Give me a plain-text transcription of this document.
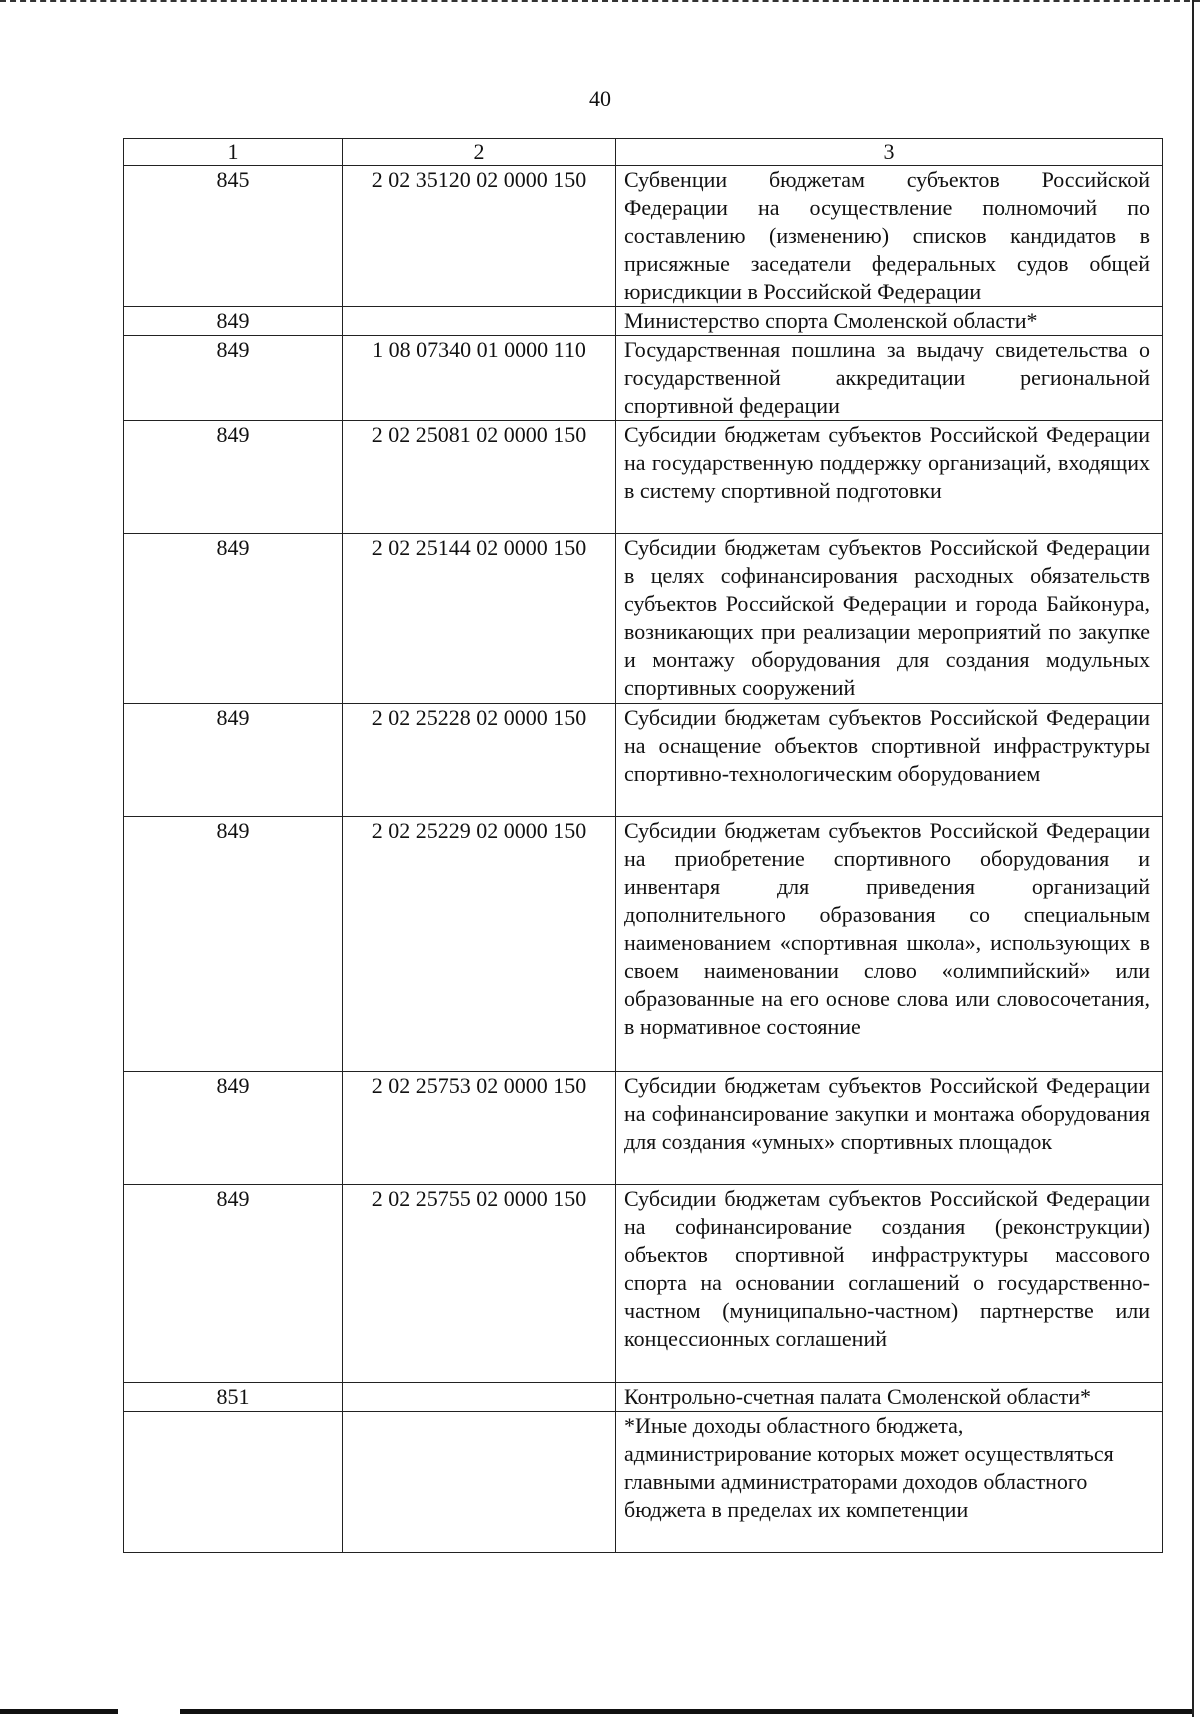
40
1	2	3
845	2 02 35120 02 0000 150	Субвенции бюджетам субъектов Российской Федерации на осуществление полномочий по составлению (изменению) списков кандидатов в присяжные заседатели федеральных судов общей юрисдикции в Российской Федерации
849		Министерство спорта Смоленской области*
849	1 08 07340 01 0000 110	Государственная пошлина за выдачу свидетельства о государственной аккредитации региональной спортивной федерации
849	2 02 25081 02 0000 150	Субсидии бюджетам субъектов Российской Федерации на государственную поддержку организаций, входящих в систему спортивной подготовки
849	2 02 25144 02 0000 150	Субсидии бюджетам субъектов Российской Федерации в целях софинансирования расходных обязательств субъектов Российской Федерации и города Байконура, возникающих при реализации мероприятий по закупке и монтажу оборудования для создания модульных спортивных сооружений
849	2 02 25228 02 0000 150	Субсидии бюджетам субъектов Российской Федерации на оснащение объектов спортивной инфраструктуры спортивно-технологическим оборудованием
849	2 02 25229 02 0000 150	Субсидии бюджетам субъектов Российской Федерации на приобретение спортивного оборудования и инвентаря для приведения организаций дополнительного образования со специальным наименованием «спортивная школа», использующих в своем наименовании слово «олимпийский» или образованные на его основе слова или словосочетания, в нормативное состояние
849	2 02 25753 02 0000 150	Субсидии бюджетам субъектов Российской Федерации на софинансирование закупки и монтажа оборудования для создания «умных» спортивных площадок
849	2 02 25755 02 0000 150	Субсидии бюджетам субъектов Российской Федерации на софинансирование создания (реконструкции) объектов спортивной инфраструктуры массового спорта на основании соглашений о государственно-частном (муниципально-частном) партнерстве или концессионных соглашений
851		Контрольно-счетная палата Смоленской области*
		*Иные доходы областного бюджета, администрирование которых может осуществляться главными администраторами доходов областного бюджета в пределах их компетенции
